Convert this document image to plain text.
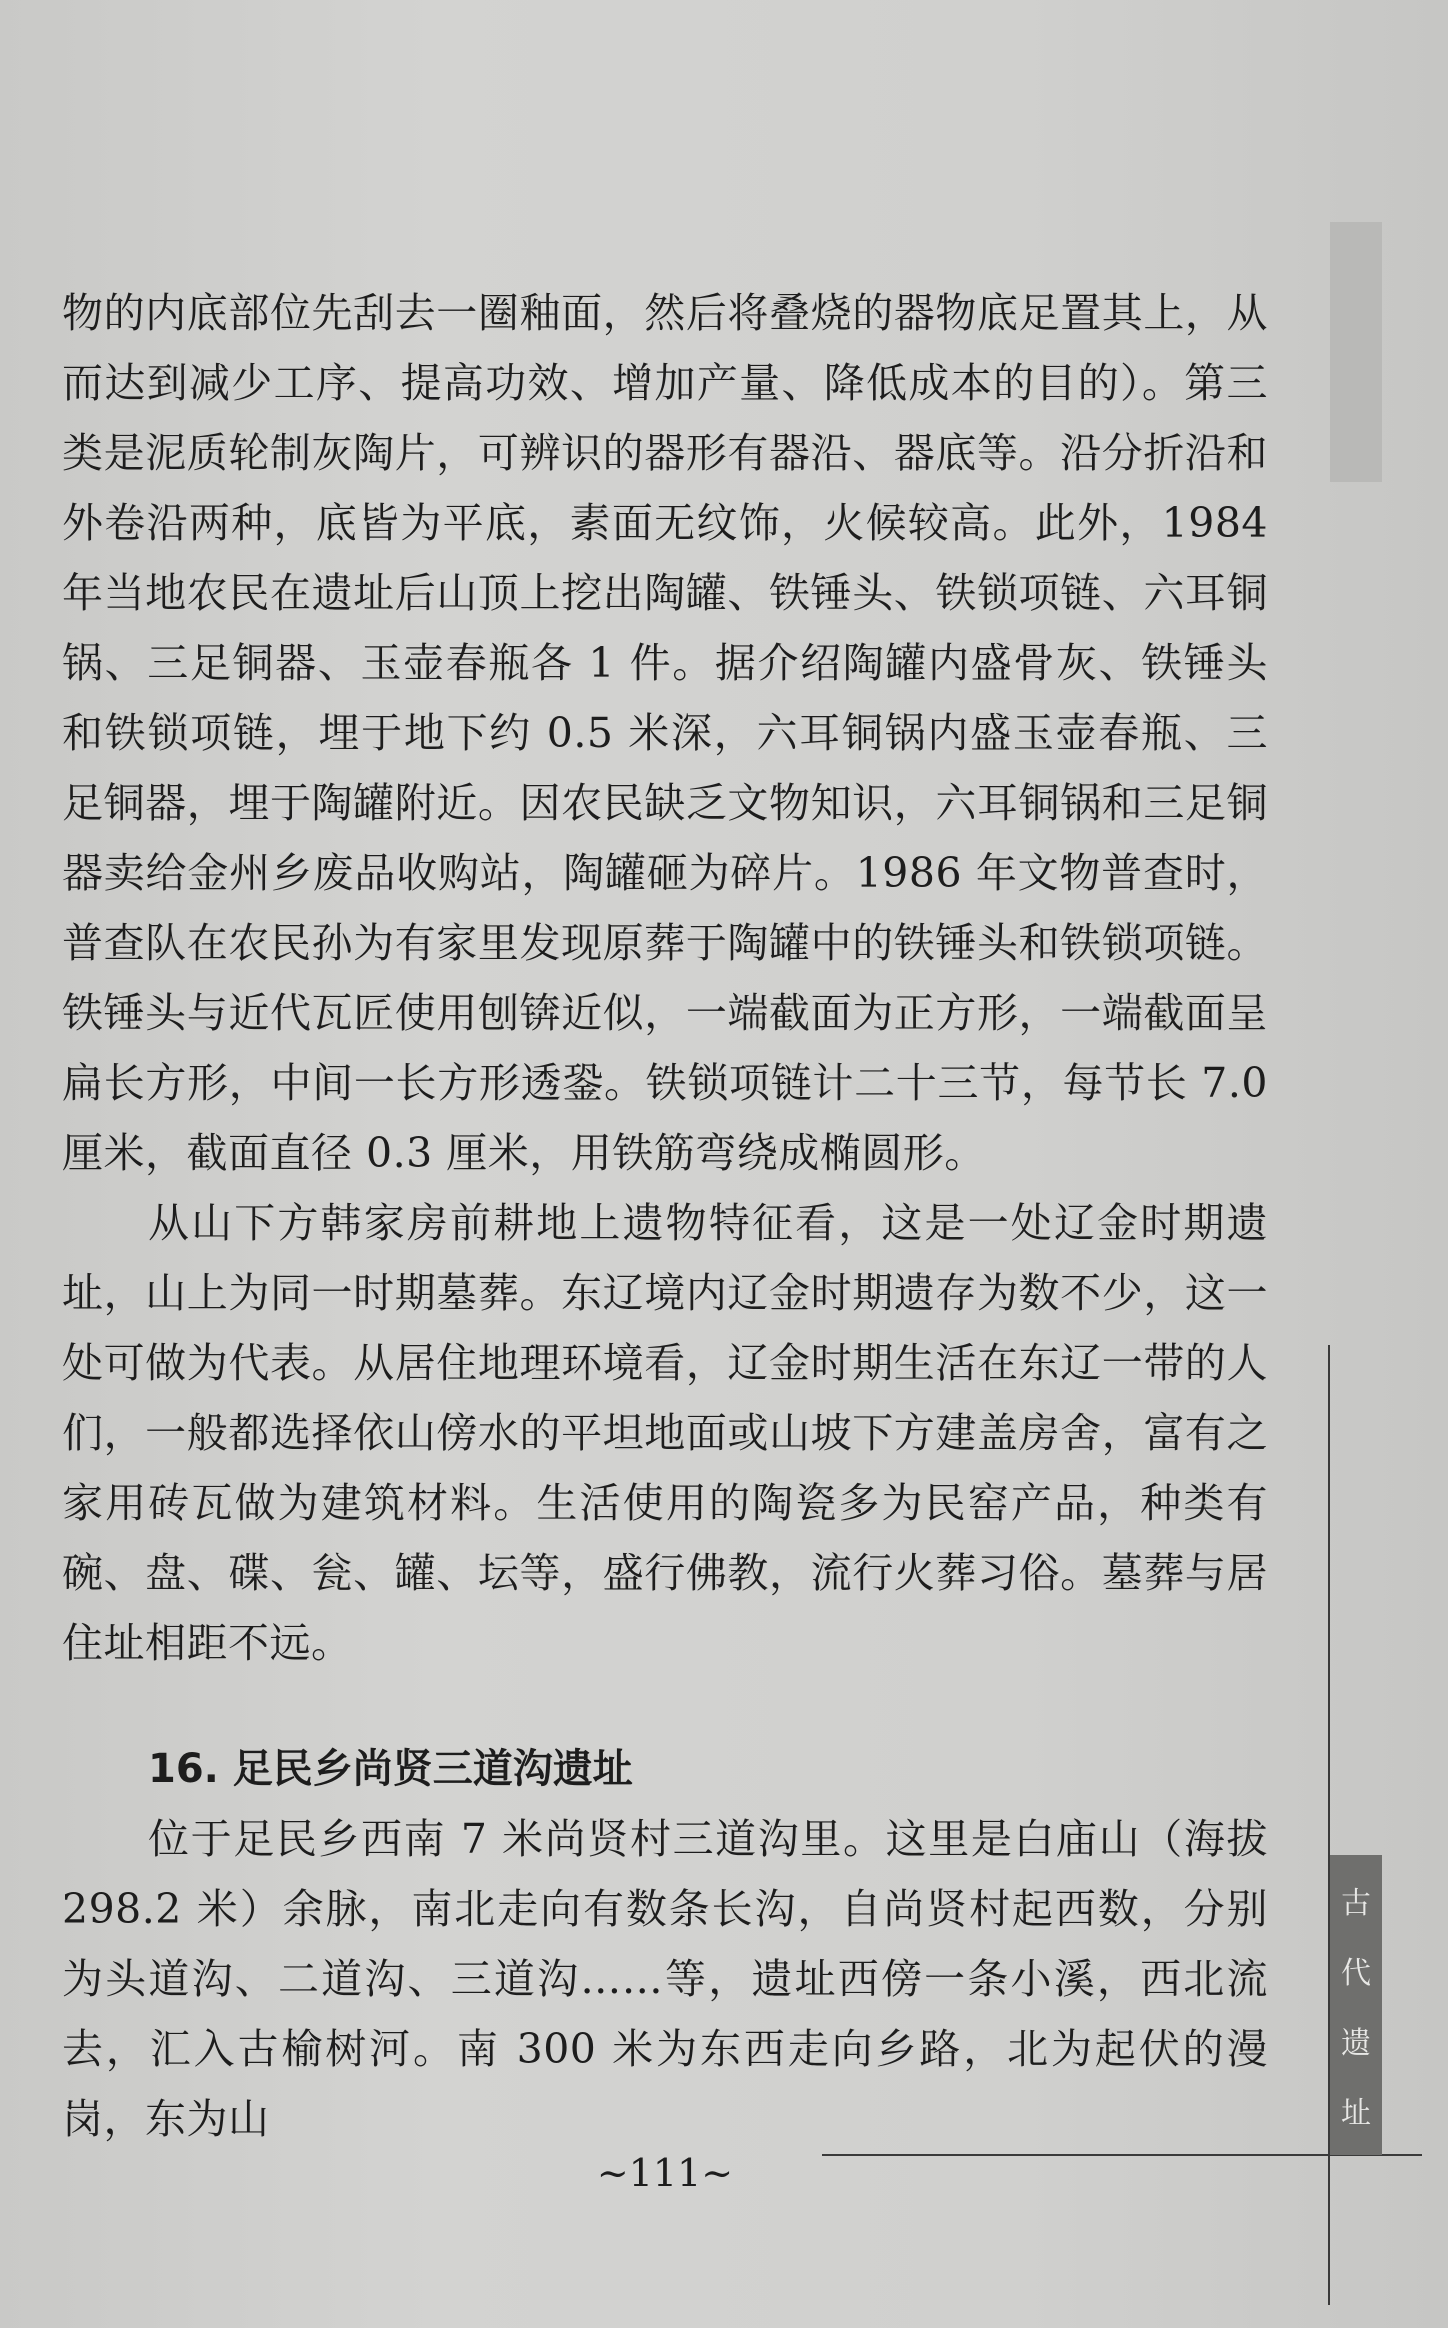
物的内底部位先刮去一圈釉面，然后将叠烧的器物底足置其上，从而达到减少工序、提高功效、增加产量、降低成本的目的）。第三类是泥质轮制灰陶片，可辨识的器形有器沿、器底等。沿分折沿和外卷沿两种，底皆为平底，素面无纹饰，火候较高。此外，1984 年当地农民在遗址后山顶上挖出陶罐、铁锤头、铁锁项链、六耳铜锅、三足铜器、玉壶春瓶各 1 件。据介绍陶罐内盛骨灰、铁锤头和铁锁项链，埋于地下约 0.5 米深，六耳铜锅内盛玉壶春瓶、三足铜器，埋于陶罐附近。因农民缺乏文物知识，六耳铜锅和三足铜器卖给金州乡废品收购站，陶罐砸为碎片。1986 年文物普查时，普查队在农民孙为有家里发现原葬于陶罐中的铁锤头和铁锁项链。铁锤头与近代瓦匠使用刨锛近似，一端截面为正方形，一端截面呈扁长方形，中间一长方形透銎。铁锁项链计二十三节，每节长 7.0 厘米，截面直径 0.3 厘米，用铁筋弯绕成椭圆形。

从山下方韩家房前耕地上遗物特征看，这是一处辽金时期遗址，山上为同一时期墓葬。东辽境内辽金时期遗存为数不少，这一处可做为代表。从居住地理环境看，辽金时期生活在东辽一带的人们，一般都选择依山傍水的平坦地面或山坡下方建盖房舍，富有之家用砖瓦做为建筑材料。生活使用的陶瓷多为民窑产品，种类有碗、盘、碟、瓮、罐、坛等，盛行佛教，流行火葬习俗。墓葬与居住址相距不远。

16. 足民乡尚贤三道沟遗址

位于足民乡西南 7 米尚贤村三道沟里。这里是白庙山（海拔 298.2 米）余脉，南北走向有数条长沟，自尚贤村起西数，分别为头道沟、二道沟、三道沟……等，遗址西傍一条小溪，西北流去，汇入古榆树河。南 300 米为东西走向乡路，北为起伏的漫岗，东为山

古
代
遗
址
~111~
